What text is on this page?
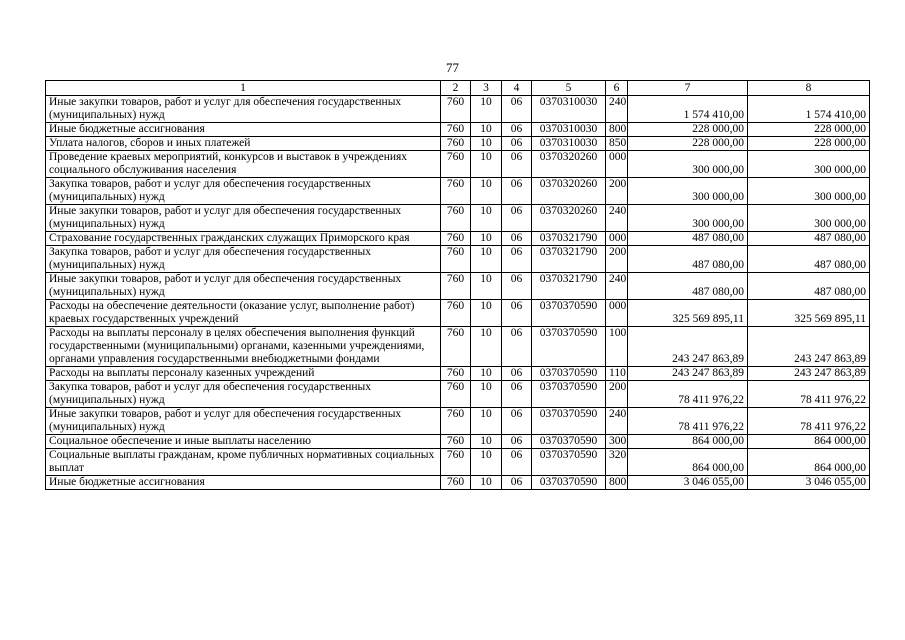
77
1	2	3	4	5	6	7	8
Иные закупки товаров, работ и услуг для обеспечения государственных (муниципальных) нужд	760	10	06	0370310030	240	1 574 410,00	1 574 410,00
Иные бюджетные ассигнования	760	10	06	0370310030	800	228 000,00	228 000,00
Уплата налогов, сборов и иных платежей	760	10	06	0370310030	850	228 000,00	228 000,00
Проведение краевых мероприятий, конкурсов и выставок в учреждениях социального обслуживания населения	760	10	06	0370320260	000	300 000,00	300 000,00
Закупка товаров, работ и услуг для обеспечения государственных (муниципальных) нужд	760	10	06	0370320260	200	300 000,00	300 000,00
Иные закупки товаров, работ и услуг для обеспечения государственных (муниципальных) нужд	760	10	06	0370320260	240	300 000,00	300 000,00
Страхование государственных гражданских служащих Приморского края	760	10	06	0370321790	000	487 080,00	487 080,00
Закупка товаров, работ и услуг для обеспечения государственных (муниципальных) нужд	760	10	06	0370321790	200	487 080,00	487 080,00
Иные закупки товаров, работ и услуг для обеспечения государственных (муниципальных) нужд	760	10	06	0370321790	240	487 080,00	487 080,00
Расходы на обеспечение деятельности (оказание услуг, выполнение работ) краевых государственных учреждений	760	10	06	0370370590	000	325 569 895,11	325 569 895,11
Расходы на выплаты персоналу в целях обеспечения выполнения функций государственными (муниципальными) органами, казенными учреждениями, органами управления государственными внебюджетными фондами	760	10	06	0370370590	100	243 247 863,89	243 247 863,89
Расходы на выплаты персоналу казенных учреждений	760	10	06	0370370590	110	243 247 863,89	243 247 863,89
Закупка товаров, работ и услуг для обеспечения государственных (муниципальных) нужд	760	10	06	0370370590	200	78 411 976,22	78 411 976,22
Иные закупки товаров, работ и услуг для обеспечения государственных (муниципальных) нужд	760	10	06	0370370590	240	78 411 976,22	78 411 976,22
Социальное обеспечение и иные выплаты населению	760	10	06	0370370590	300	864 000,00	864 000,00
Социальные выплаты гражданам, кроме публичных нормативных социальных выплат	760	10	06	0370370590	320	864 000,00	864 000,00
Иные бюджетные ассигнования	760	10	06	0370370590	800	3 046 055,00	3 046 055,00
